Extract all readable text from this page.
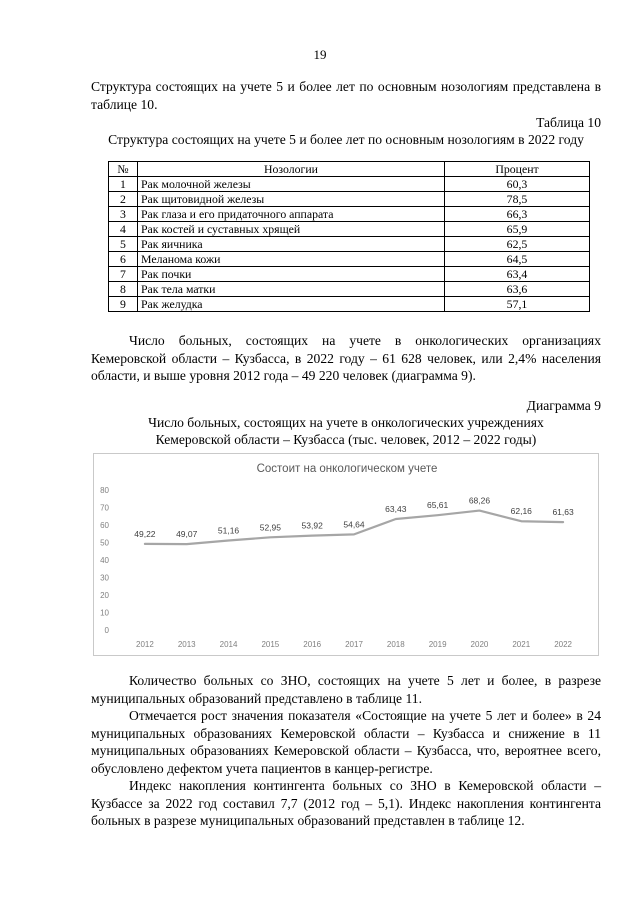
19
Структура состоящих на учете 5 и более лет по основным нозологиям представлена в таблице 10.
Таблица 10
Структура состоящих на учете 5 и более лет по основным нозологиям в 2022 году
№	Нозологии	Процент
1	Рак молочной железы	60,3
2	Рак щитовидной железы	78,5
3	Рак глаза и его придаточного аппарата	66,3
4	Рак костей и суставных хрящей	65,9
5	Рак яичника	62,5
6	Меланома кожи	64,5
7	Рак почки	63,4
8	Рак тела матки	63,6
9	Рак желудка	57,1
Число больных, состоящих на учете в онкологических организациях Кемеровской области – Кузбасса, в 2022 году – 61 628 человек, или 2,4% населения области, и выше уровня 2012 года – 49 220 человек (диаграмма 9).
Диаграмма 9
Число больных, состоящих на учете в онкологических учреждениях
Кемеровской области – Кузбасса (тыс. человек, 2012 – 2022 годы)
Состоит на онкологическом учете
0
10
20
30
40
50
60
70
80
2012	2013	2014	2015	2016	2017	2018	2019	2020	2021	2022
49,22 49,07 51,16 52,95 53,92 54,64
63,43 65,61 68,26
62,16 61,63
Количество больных со ЗНО, состоящих на учете 5 лет и более, в разрезе муниципальных образований представлено в таблице 11.
Отмечается рост значения показателя «Состоящие на учете 5 лет и более» в 24 муниципальных образованиях Кемеровской области – Кузбасса и снижение в 11 муниципальных образованиях Кемеровской области – Кузбасса, что, вероятнее всего, обусловлено дефектом учета пациентов в канцер-регистре.
Индекс накопления контингента больных со ЗНО в Кемеровской области – Кузбассе за 2022 год составил 7,7 (2012 год – 5,1). Индекс накопления контингента больных в разрезе муниципальных образований представлен в таблице 12.
